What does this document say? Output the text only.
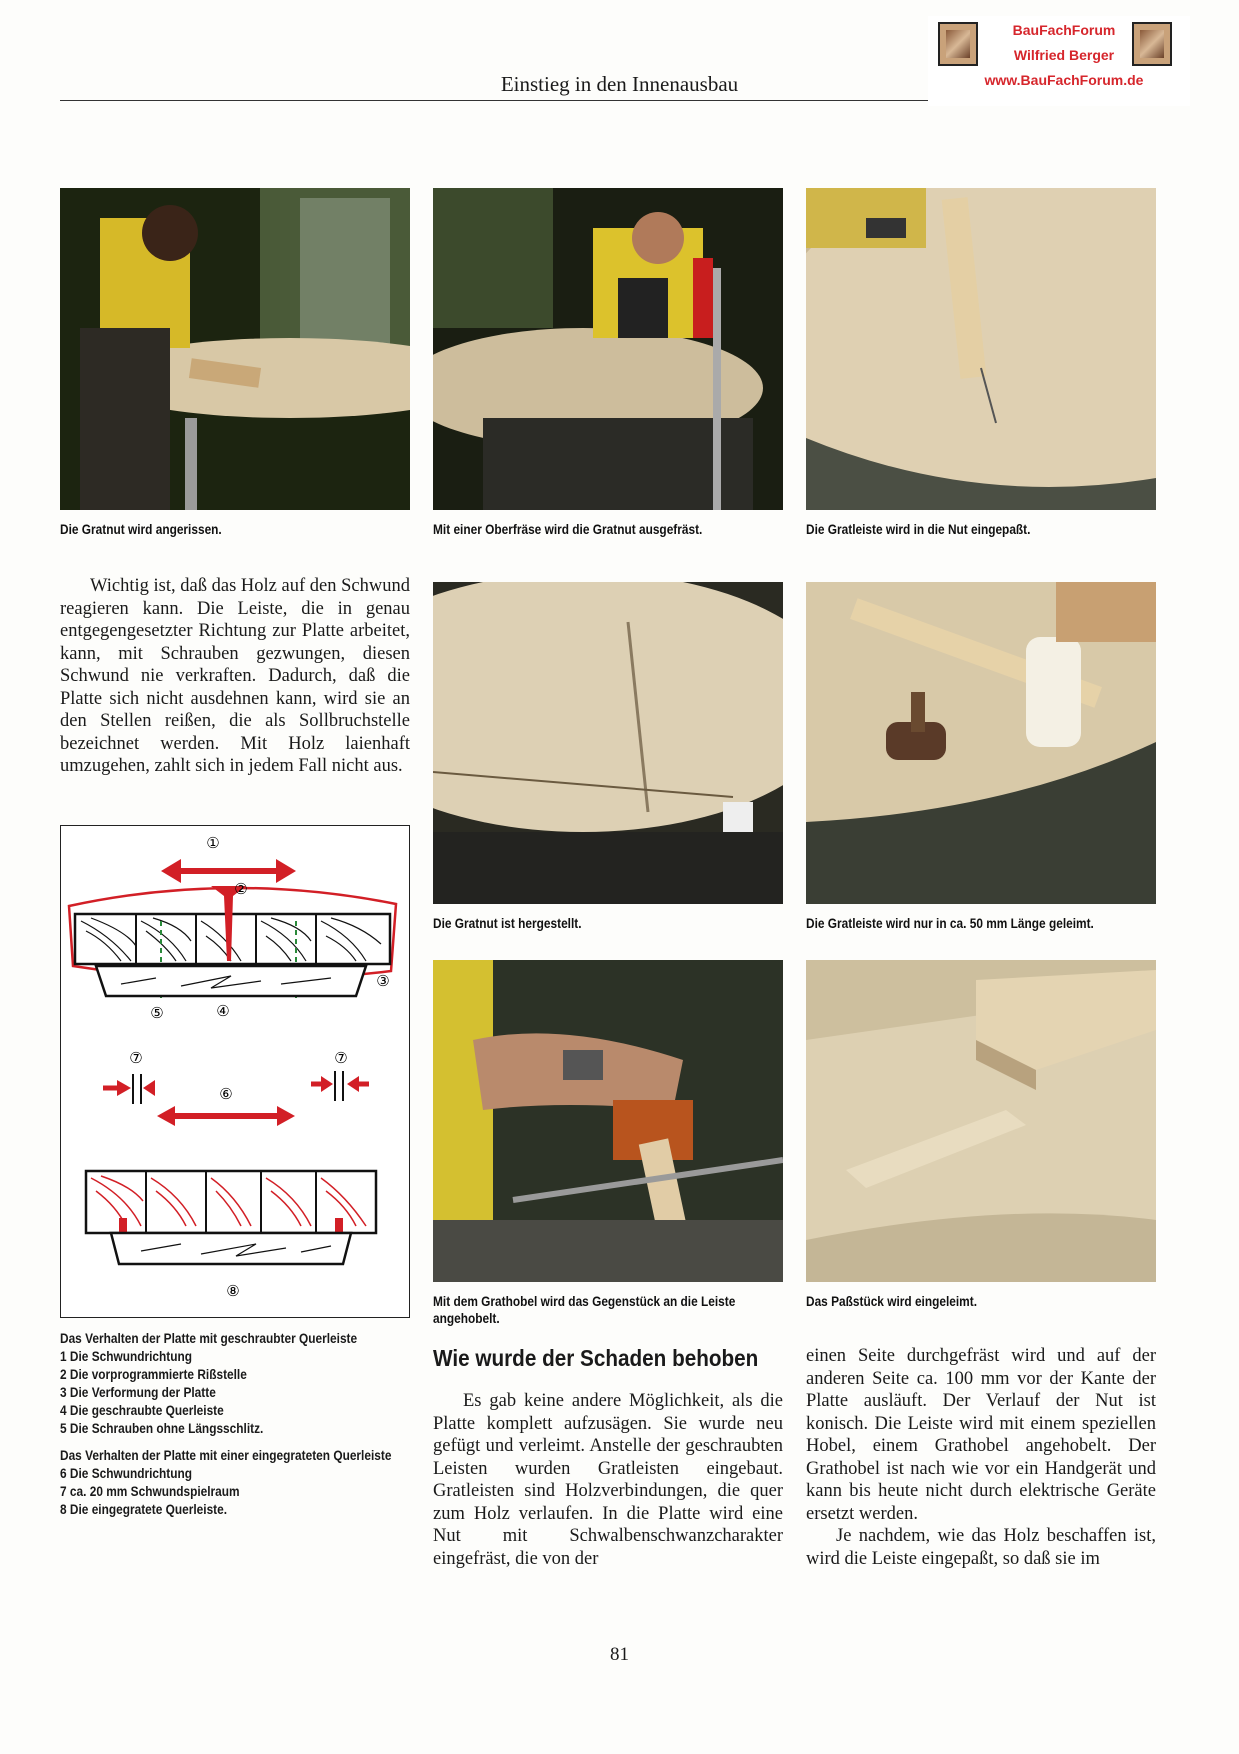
Einstieg in den Innenausbau
BauFachForum
Wilfried Berger
www.BauFachForum.de
Die Gratnut wird angerissen.	Mit einer Oberfräse wird die Gratnut ausgefräst.	Die Gratleiste wird in die Nut eingepaßt.

Wichtig ist, daß das Holz auf den Schwund reagieren kann. Die Leiste, die in genau entgegengesetzter Richtung zur Platte arbeitet, kann, mit Schrauben gezwungen, diesen Schwund nie verkraften. Dadurch, daß die Platte sich nicht ausdehnen kann, wird sie an den Stellen reißen, die als Sollbruchstelle bezeichnet werden. Mit Holz laienhaft umzugehen, zahlt sich in jedem Fall nicht aus.

①
②
③
④
⑤
⑦
⑥
⑦
⑧
Das Verhalten der Platte mit geschraubter Querleiste
1 Die Schwundrichtung
2 Die vorprogrammierte Rißstelle
3 Die Verformung der Platte
4 Die geschraubte Querleiste
5 Die Schrauben ohne Längsschlitz.
Das Verhalten der Platte mit einer eingegrateten Querleiste
6 Die Schwundrichtung
7 ca. 20 mm Schwundspielraum
8 Die eingegratete Querleiste.
Die Gratnut ist hergestellt.	Die Gratleiste wird nur in ca. 50 mm Länge geleimt.
Mit dem Grathobel wird das Gegenstück an die Leiste angehobelt.
Das Paßstück wird eingeleimt.
Wie wurde der Schaden behoben

Es gab keine andere Möglichkeit, als die Platte komplett aufzusägen. Sie wurde neu gefügt und verleimt. Anstelle der geschraubten Leisten wurden Gratleisten eingebaut. Gratleisten sind Holzverbindungen, die quer zum Holz verlaufen. In die Platte wird eine Nut mit Schwalbenschwanzcharakter eingefräst, die von der

einen Seite durchgefräst wird und auf der anderen Seite ca. 100 mm vor der Kante der Platte ausläuft. Der Verlauf der Nut ist konisch. Die Leiste wird mit einem speziellen Hobel, einem Grathobel angehobelt. Der Grathobel ist nach wie vor ein Handgerät und kann bis heute nicht durch elektrische Geräte ersetzt werden.

Je nachdem, wie das Holz beschaffen ist, wird die Leiste eingepaßt, so daß sie im

81
